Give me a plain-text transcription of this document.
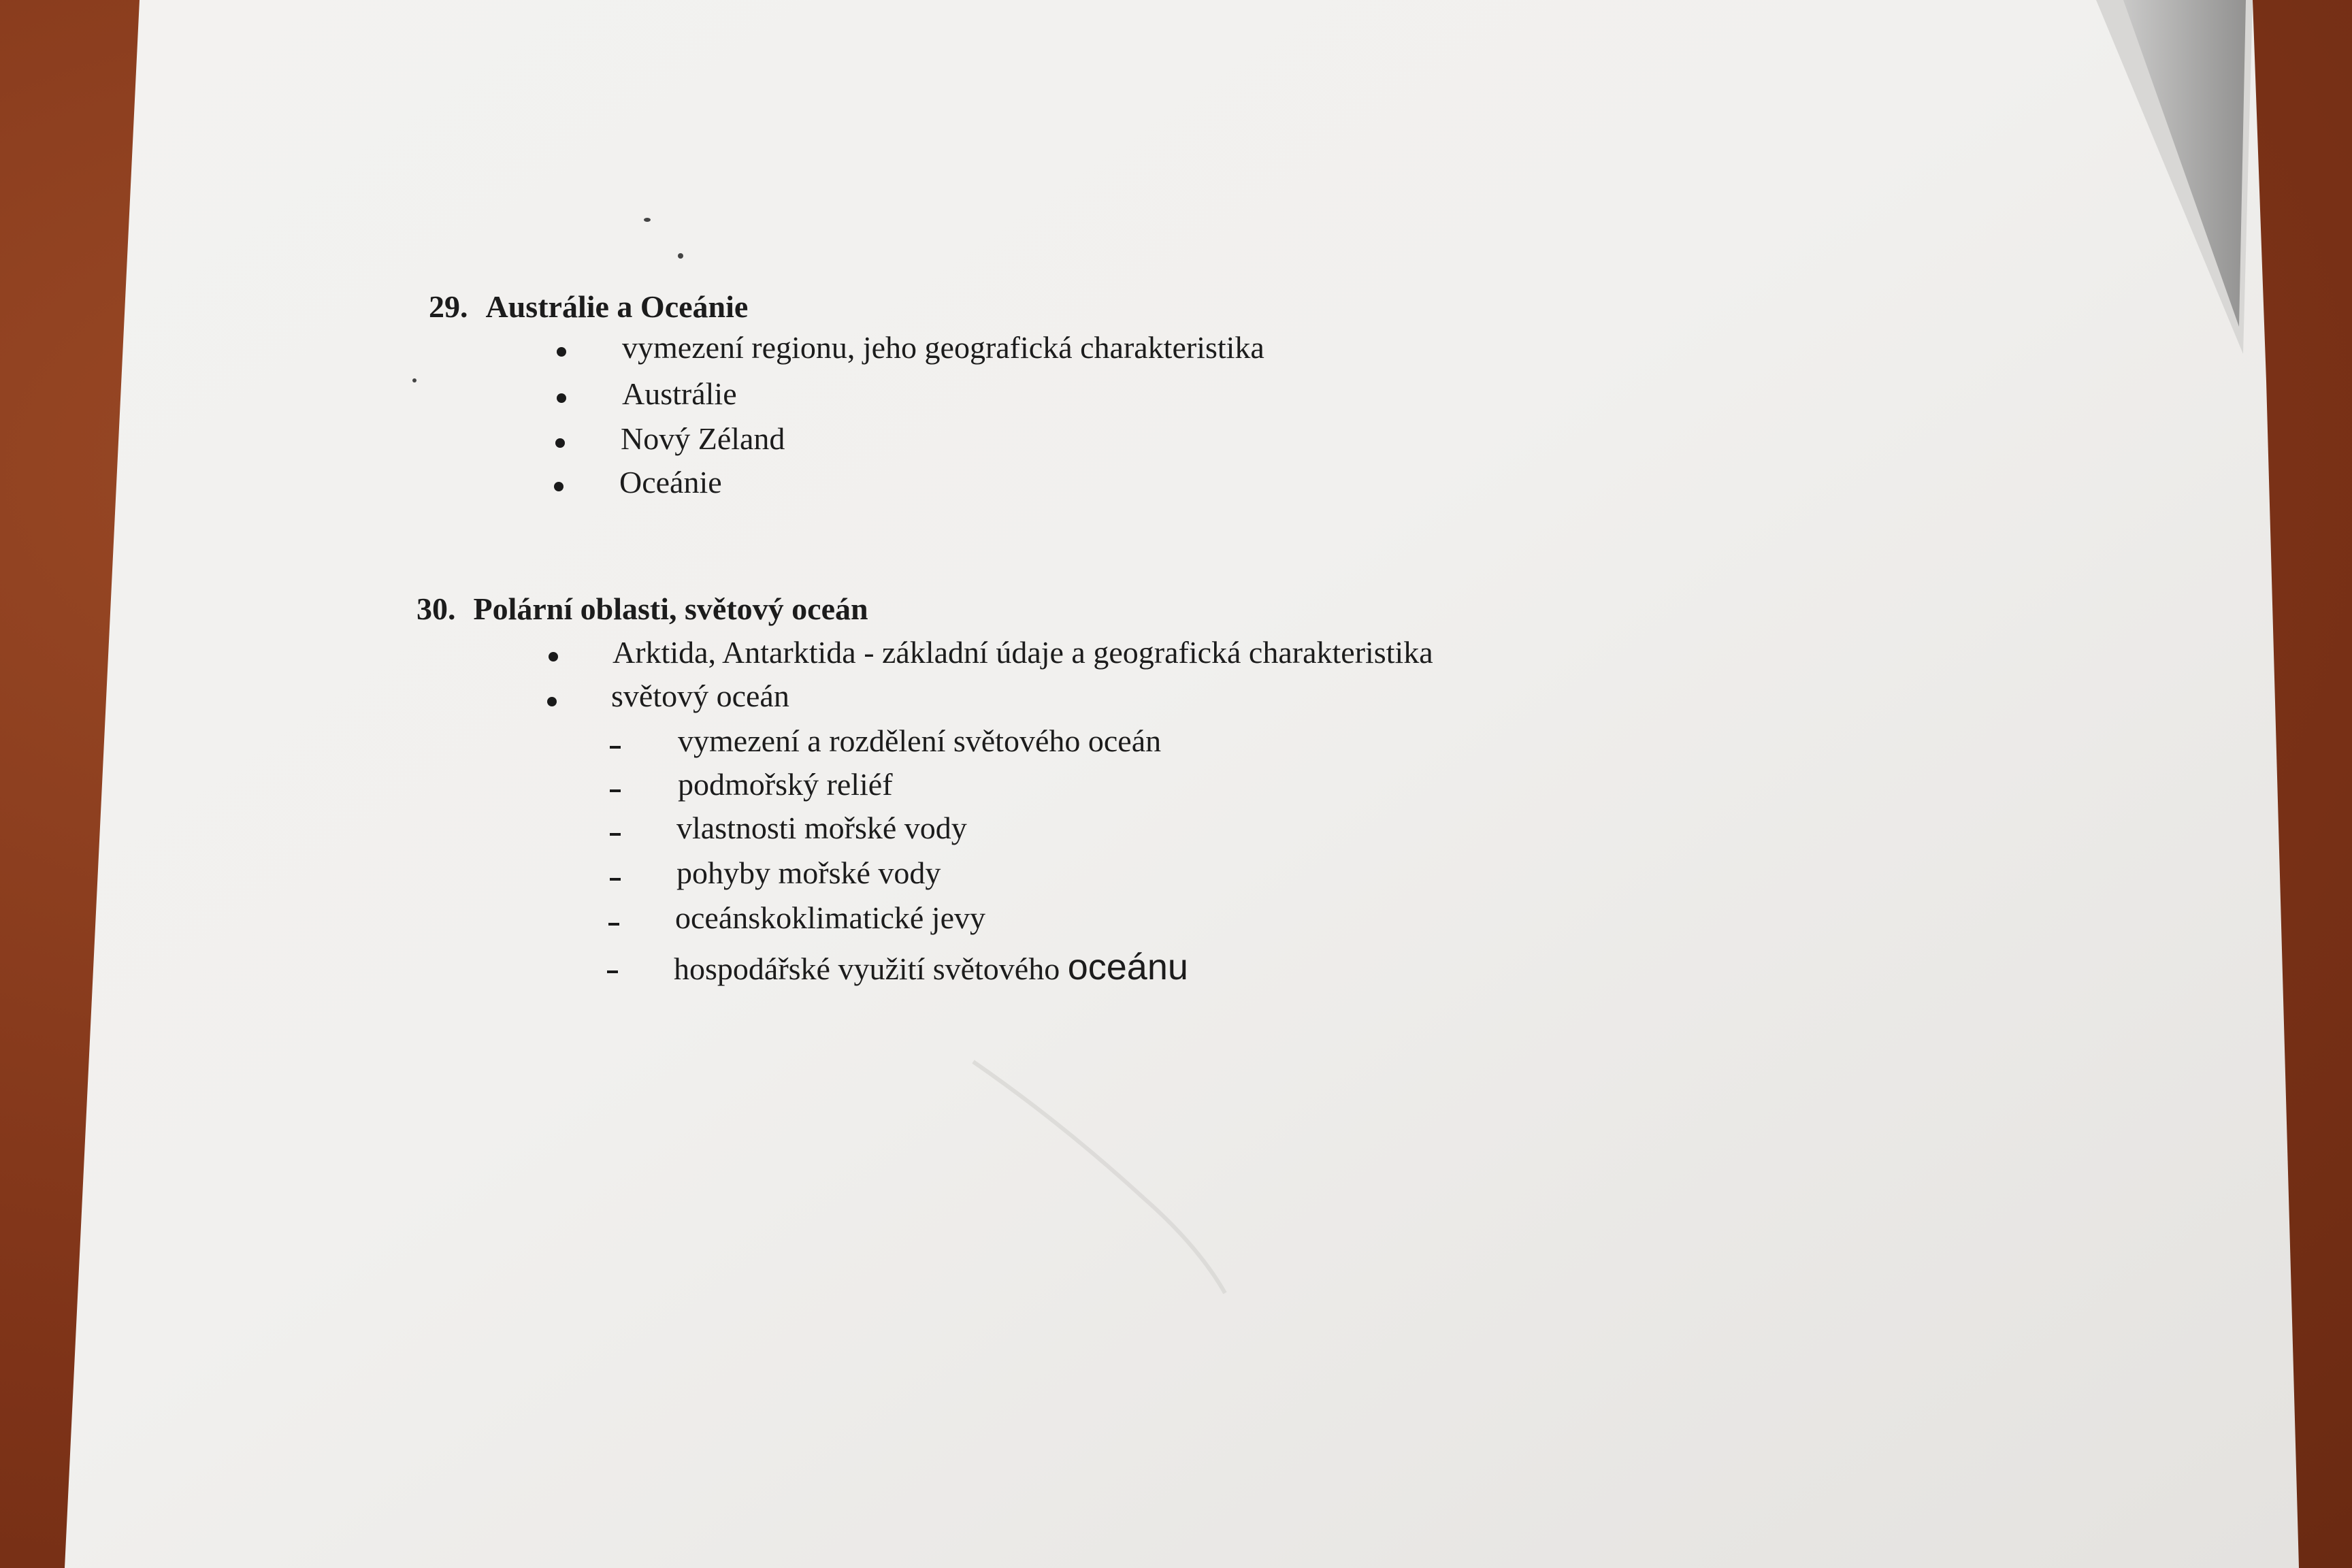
29. Austrálie a Oceánie
vymezení regionu, jeho geografická charakteristika
Austrálie
Nový Zéland
Oceánie
30. Polární oblasti, světový oceán
Arktida, Antarktida - základní údaje a geografická charakteristika
světový oceán
vymezení a rozdělení světového oceán
podmořský reliéf
vlastnosti mořské vody
pohyby mořské vody
oceánskoklimatické jevy
hospodářské využití světového oceánu
